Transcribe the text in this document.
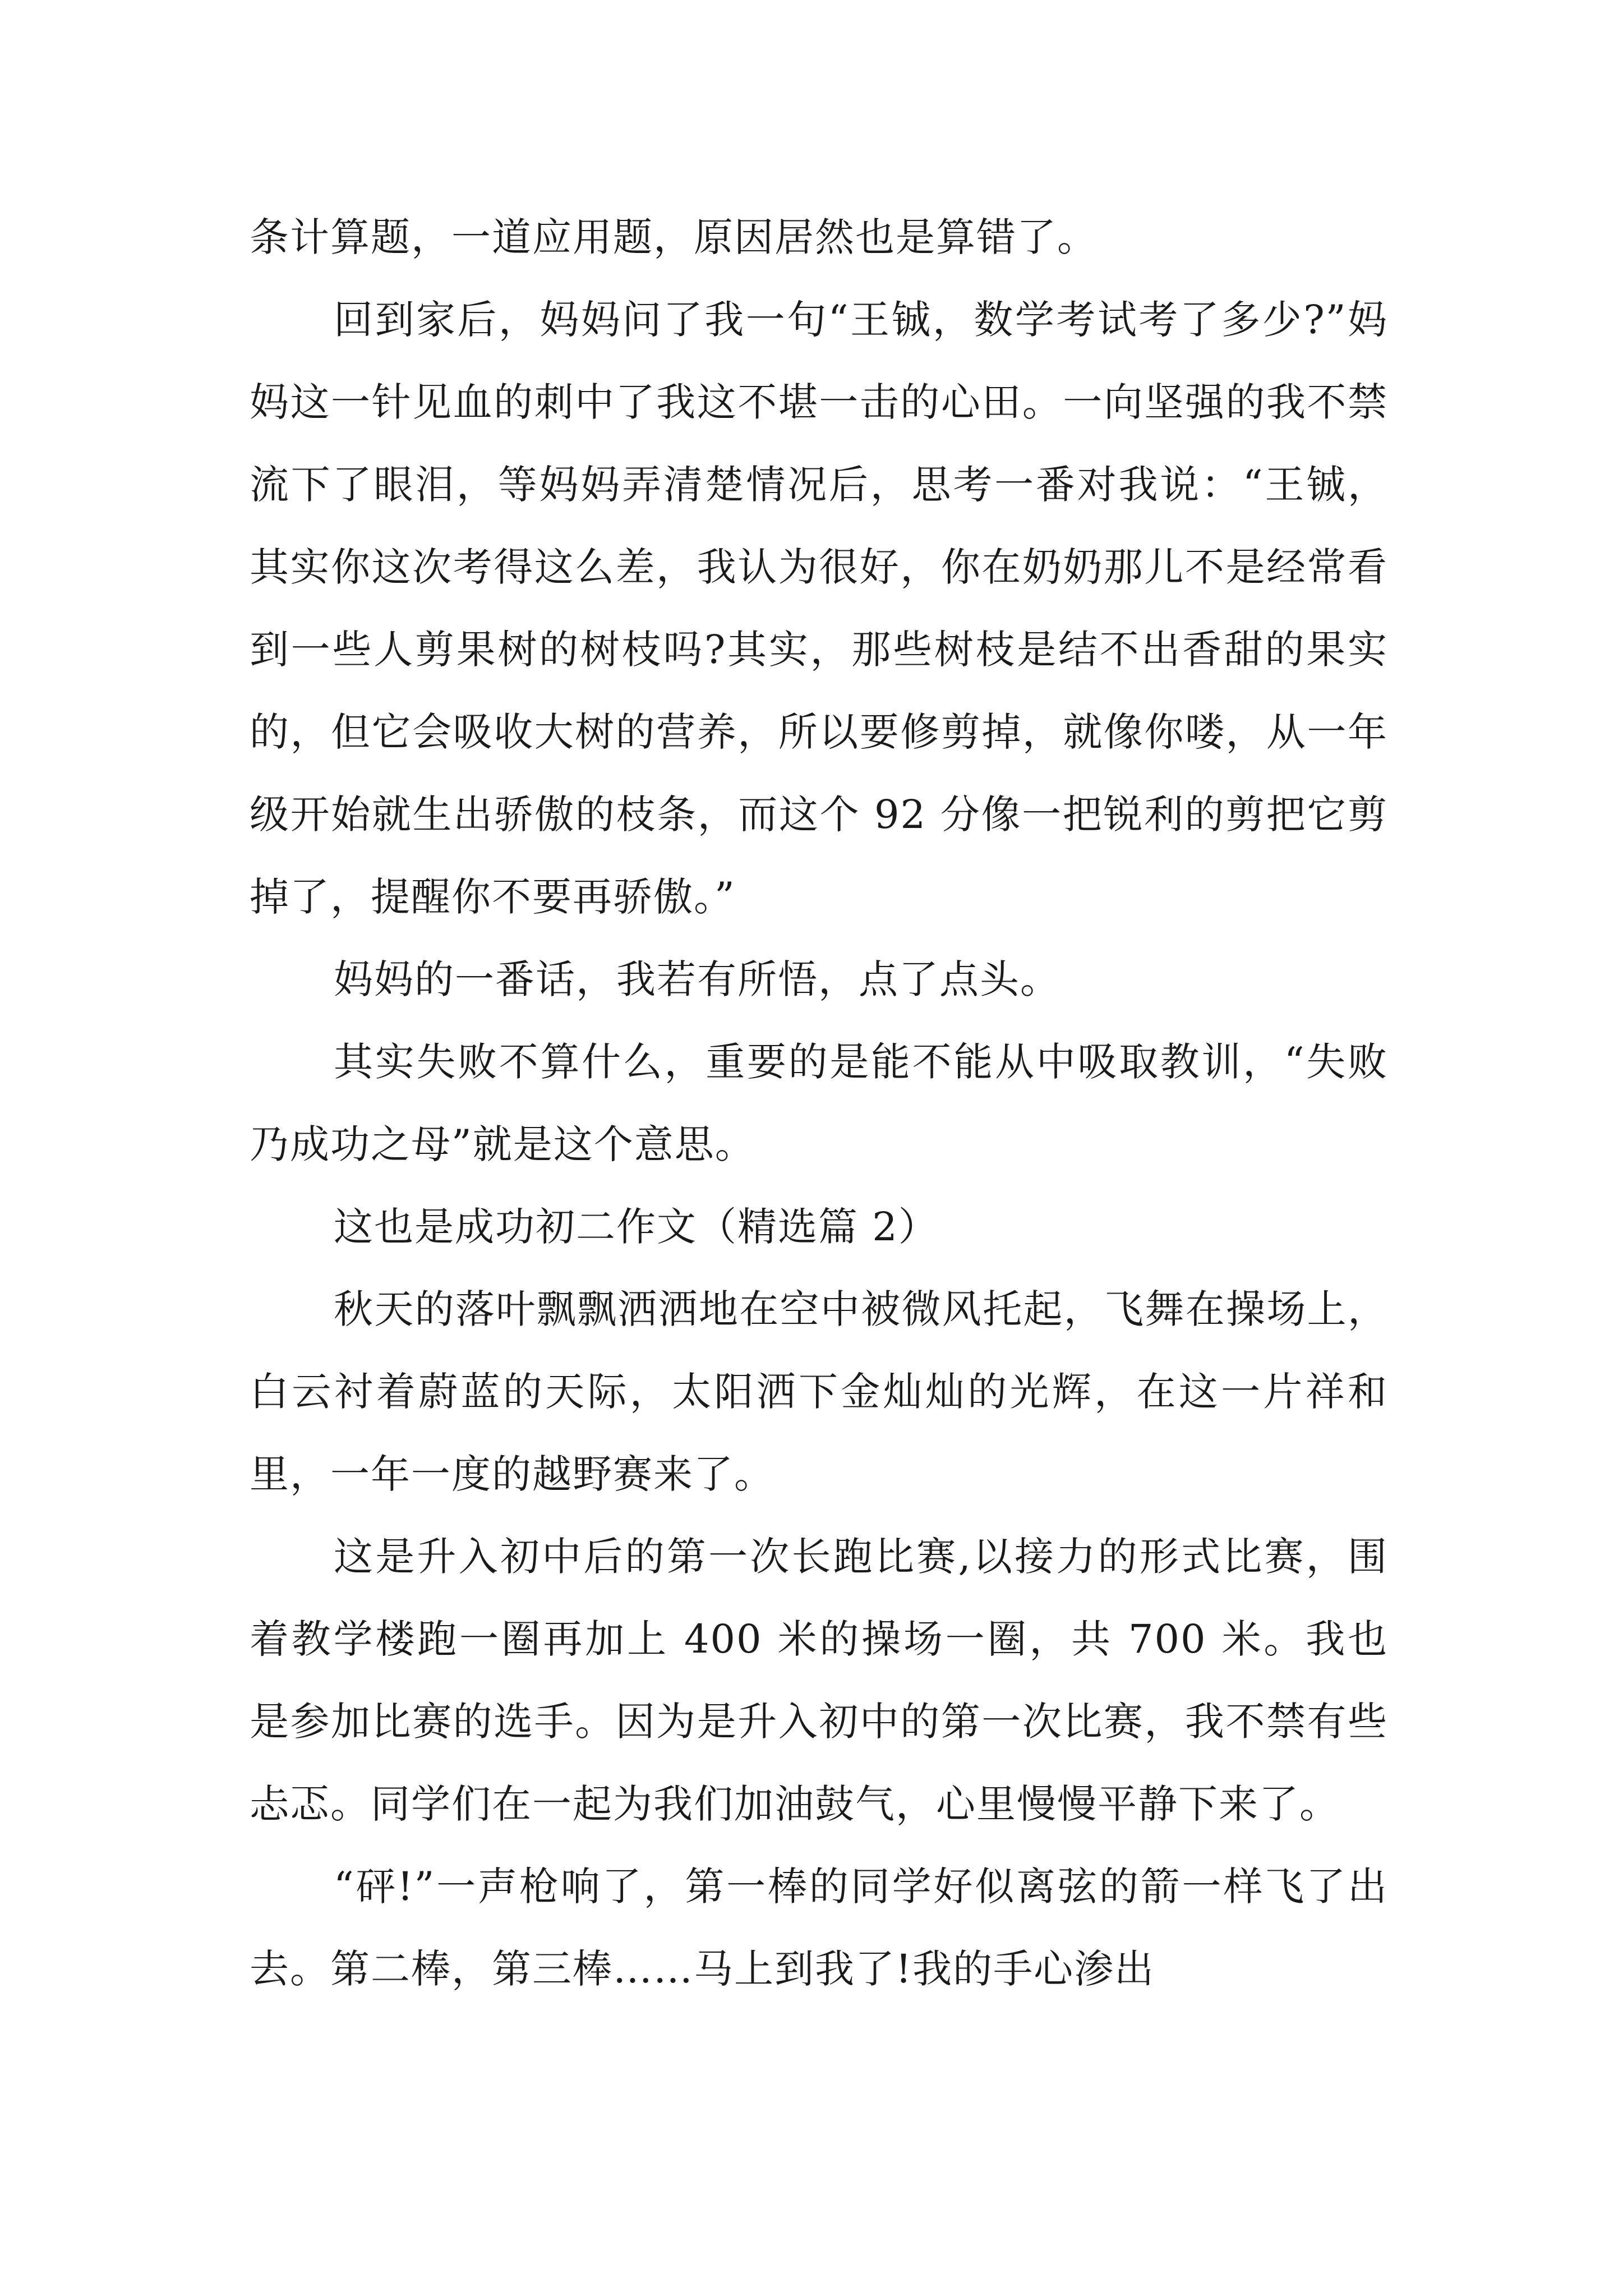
条计算题，一道应用题，原因居然也是算错了。

回到家后，妈妈问了我一句“王铖，数学考试考了多少?”妈妈这一针见血的刺中了我这不堪一击的心田。一向坚强的我不禁流下了眼泪，等妈妈弄清楚情况后，思考一番对我说：“王铖，其实你这次考得这么差，我认为很好，你在奶奶那儿不是经常看到一些人剪果树的树枝吗?其实，那些树枝是结不出香甜的果实的，但它会吸收大树的营养，所以要修剪掉，就像你喽，从一年级开始就生出骄傲的枝条，而这个 92 分像一把锐利的剪把它剪掉了，提醒你不要再骄傲。”

妈妈的一番话，我若有所悟，点了点头。

其实失败不算什么，重要的是能不能从中吸取教训，“失败乃成功之母”就是这个意思。

这也是成功初二作文（精选篇 2）

秋天的落叶飘飘洒洒地在空中被微风托起，飞舞在操场上，白云衬着蔚蓝的天际，太阳洒下金灿灿的光辉，在这一片祥和里，一年一度的越野赛来了。

这是升入初中后的第一次长跑比赛,以接力的形式比赛，围着教学楼跑一圈再加上 400 米的操场一圈，共 700 米。我也是参加比赛的选手。因为是升入初中的第一次比赛，我不禁有些忐忑。同学们在一起为我们加油鼓气，心里慢慢平静下来了。

“砰!”一声枪响了，第一棒的同学好似离弦的箭一样飞了出去。第二棒，第三棒……马上到我了!我的手心渗出
